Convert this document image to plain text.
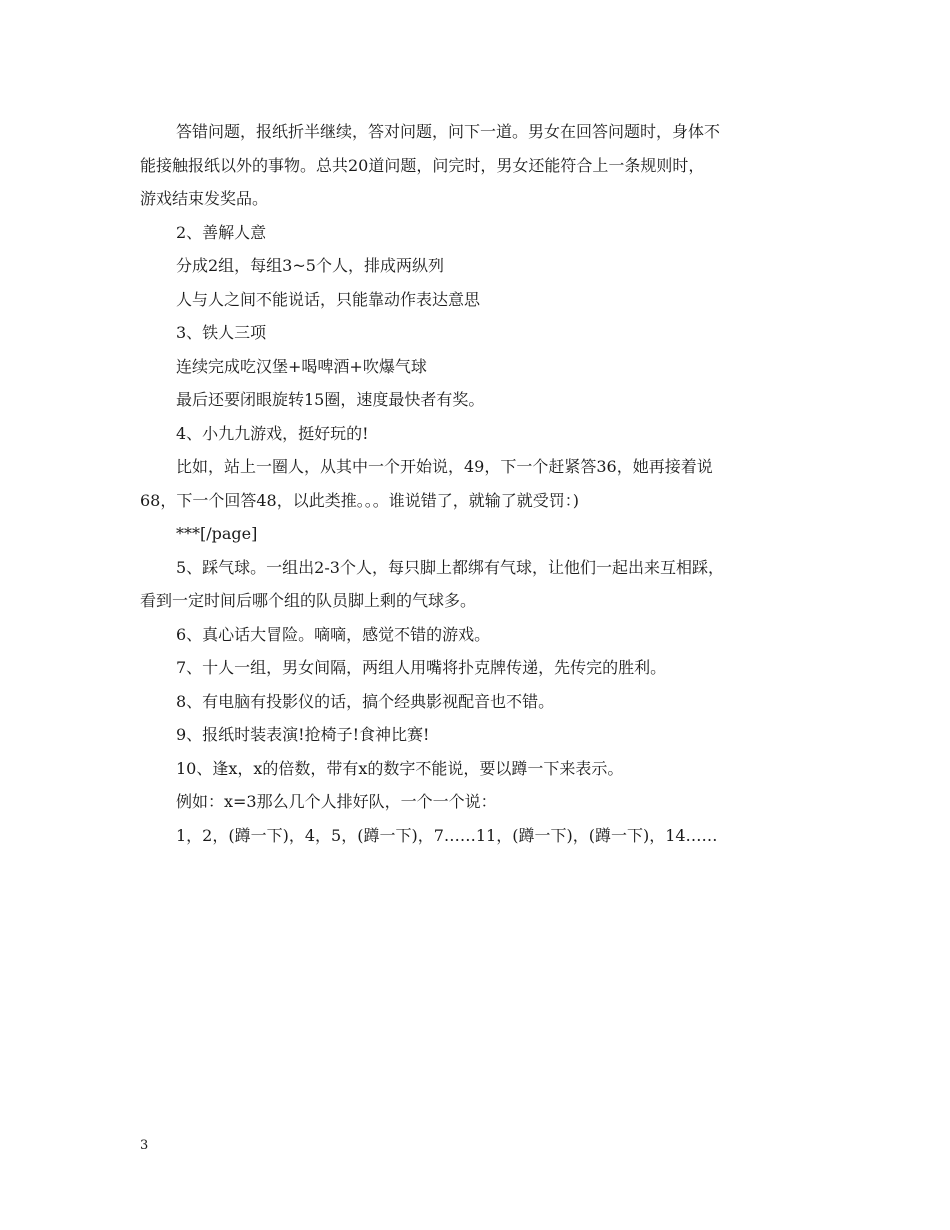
答错问题，报纸折半继续，答对问题，问下一道。男女在回答问题时，身体不
能接触报纸以外的事物。总共20道问题，问完时，男女还能符合上一条规则时，
游戏结束发奖品。
2、善解人意
分成2组，每组3~5个人，排成两纵列
人与人之间不能说话，只能靠动作表达意思
3、铁人三项
连续完成吃汉堡+喝啤酒+吹爆气球
最后还要闭眼旋转15圈，速度最快者有奖。
4、小九九游戏，挺好玩的!
比如，站上一圈人，从其中一个开始说，49，下一个赶紧答36，她再接着说
68，下一个回答48，以此类推。。。谁说错了，就输了就受罚：)
***[/page]
5、踩气球。一组出2-3个人，每只脚上都绑有气球，让他们一起出来互相踩，
看到一定时间后哪个组的队员脚上剩的气球多。
6、真心话大冒险。嘀嘀，感觉不错的游戏。
7、十人一组，男女间隔，两组人用嘴将扑克牌传递，先传完的胜利。
8、有电脑有投影仪的话，搞个经典影视配音也不错。
9、报纸时装表演!抢椅子!食神比赛!
10、逢x，x的倍数，带有x的数字不能说，要以蹲一下来表示。
例如：x=3那么几个人排好队，一个一个说：
1，2，(蹲一下)，4，5，(蹲一下)，7……11，(蹲一下)，(蹲一下)，14……
3
